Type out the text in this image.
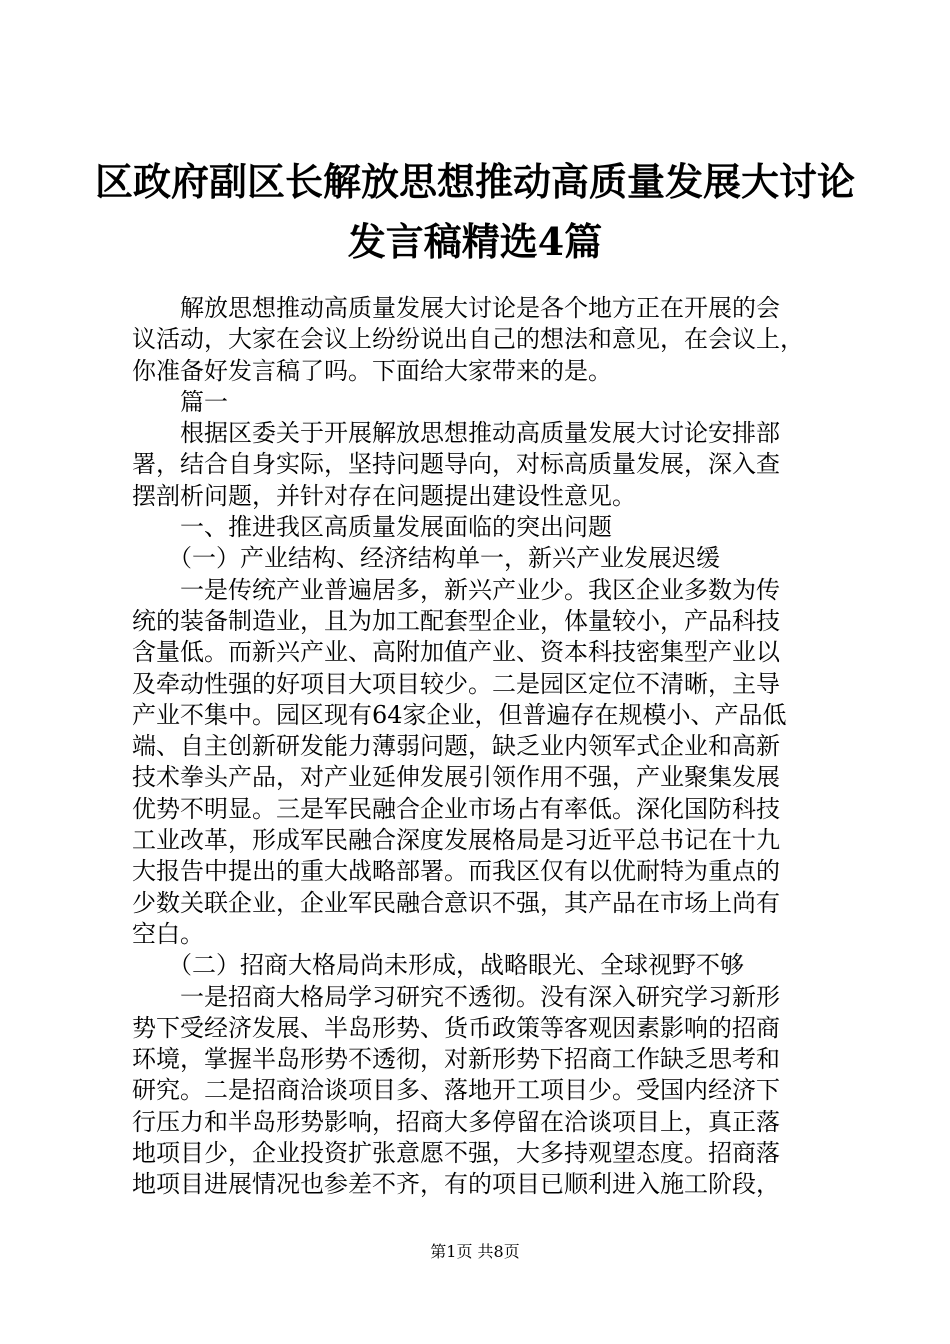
区政府副区长解放思想推动高质量发展大讨论
发言稿精选4篇
　　解放思想推动高质量发展大讨论是各个地方正在开展的会
议活动，大家在会议上纷纷说出自己的想法和意见，在会议上，
你准备好发言稿了吗。下面给大家带来的是。
　　篇一
　　根据区委关于开展解放思想推动高质量发展大讨论安排部
署，结合自身实际，坚持问题导向，对标高质量发展，深入查
摆剖析问题，并针对存在问题提出建设性意见。
　　一、推进我区高质量发展面临的突出问题
　　（一）产业结构、经济结构单一，新兴产业发展迟缓
　　一是传统产业普遍居多，新兴产业少。我区企业多数为传
统的装备制造业，且为加工配套型企业，体量较小，产品科技
含量低。而新兴产业、高附加值产业、资本科技密集型产业以
及牵动性强的好项目大项目较少。二是园区定位不清晰，主导
产业不集中。园区现有64家企业，但普遍存在规模小、产品低
端、自主创新研发能力薄弱问题，缺乏业内领军式企业和高新
技术拳头产品，对产业延伸发展引领作用不强，产业聚集发展
优势不明显。三是军民融合企业市场占有率低。深化国防科技
工业改革，形成军民融合深度发展格局是习近平总书记在十九
大报告中提出的重大战略部署。而我区仅有以优耐特为重点的
少数关联企业，企业军民融合意识不强，其产品在市场上尚有
空白。
　　（二）招商大格局尚未形成，战略眼光、全球视野不够
　　一是招商大格局学习研究不透彻。没有深入研究学习新形
势下受经济发展、半岛形势、货币政策等客观因素影响的招商
环境，掌握半岛形势不透彻，对新形势下招商工作缺乏思考和
研究。二是招商洽谈项目多、落地开工项目少。受国内经济下
行压力和半岛形势影响，招商大多停留在洽谈项目上，真正落
地项目少，企业投资扩张意愿不强，大多持观望态度。招商落
地项目进展情况也参差不齐，有的项目已顺利进入施工阶段，
第1页 共8页
